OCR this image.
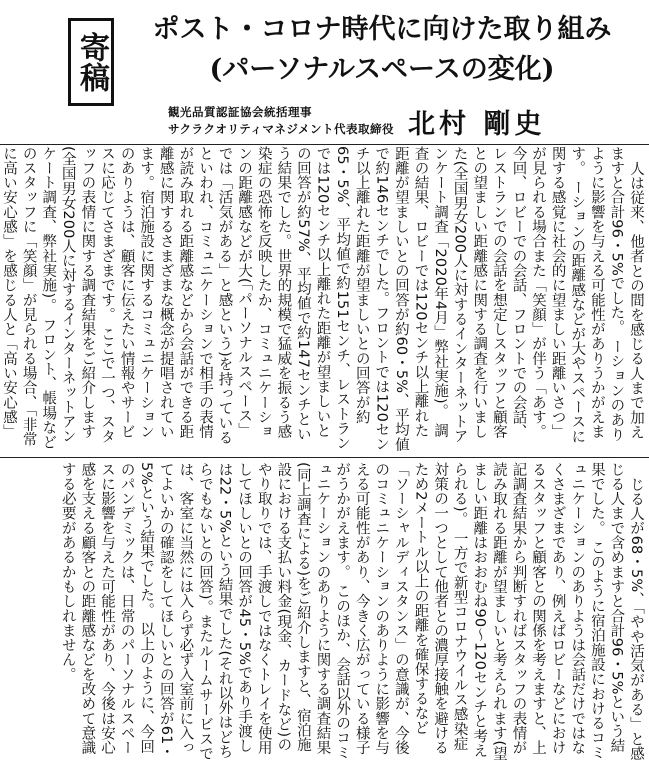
寄稿
ポスト・コロナ時代に向けた取り組み
(パーソナルスペースの変化)
観光品質認証協会統括理事
サクラクオリティマネジメント代表取締役 北村 剛史

人は従来、他者との間を感じる人まで加えますと合計96・5%でした。 ーションのありように影響を与える可能性がありうかがえます。 ーションの距離感などが大やスペースに関する感覚に社会的に望ましい距離いさつ」が見られる場合また「笑顔」が伴う「あす。今回、ロビーでの会話、フロントでの会話、レストランでの会話を想定しスタッフと顧客との望ましい距離感に関する調査を行いました(全国男女200人に対するインターネットアンケート調査「2020年4月」弊社実施)。 調査の結果、ロビーでは120センチ以上離れた距離が望ましいとの回答が約60・5%、平均値で約146センチでした。フロントでは120センチ以上離れた距離が望ましいとの回答が約65・5%、平均値で約151センチ、レストランでは120センチ以上離れた距離が望ましいとの回答が約57%、平均値で約147センチという結果でした。世界的規模で猛威を振るう感染症の恐怖を反映したか、コミュニケーションの距離感などが大(「パーソナルスペース」では「活気がある」と感という)を持っているといわれ、コミュニケーションで相手の表情が読み取れる距離感などから会話ができる距離感に関するさまざまな概念が提唱されています。宿泊施設に関するコミュニケーションのありようは、顧客に伝えたい情報やサービスに応じてさまざまです。 ここで一つ、スタッフの表情に関する調査結果をご紹介します(全国男女200人に対するインターネットアンケート調査、弊社実施)。 フロント、帳場などのスタッフに「笑顔」が見られる場合、「非常に高い安心感」を感じる人と「高い安心感」

じる人が68・5%、「やや活気がある」と感じる人まで含めますと合計96・5%という結果でした。 このように宿泊施設におけるコミュニケーションのありようは会話だけではなくさまざまであり、例えばロビーなどにおけるスタッフと顧客との関係を考えますと、上記調査結果から判断すればスタッフの表情が読み取れる距離が望ましいと考えられます(望ましい距離はおおむね90〜120センチと考えられる)。 一方で新型コロナウイルス感染症対策の一つとして他者との濃厚接触を避けるため2メートル以上の距離を確保するなど「ソーシャルディスタンス」の意識が、今後のコミュニケーションのありように影響を与える可能性があり、今きく広がっている様子がうかがえます。 このほか、会話以外のコミュニケーションのありように関する調査結果(同上調査による)をご紹介しますと、宿泊施設における支払い料金(現金、カードなど)のやり取りでは、手渡しではなくトレイを使用してほしいとの回答が45・5%であり手渡しは22・5%という結果でした(それ以外はどちらでもないとの回答)。またルームサービスでは、客室に当然には入らず必ず入室前に入ってよいかの確認をしてほしいとの回答が61・5%という結果でした。 以上のように、今回のパンデミックは、日常のパーソナルスペースに影響を与えた可能性があり、今後は安心感を支える顧客との距離感などを改めて意識する必要があるかもしれません。
